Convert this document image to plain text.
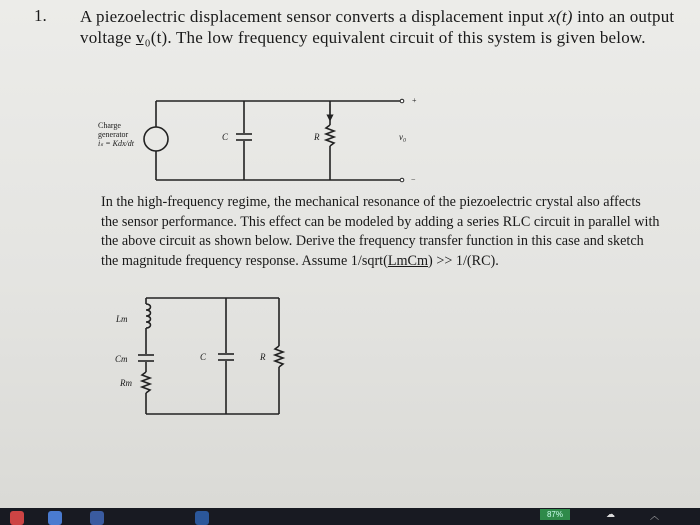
1. A piezoelectric displacement sensor converts a displacement input x(t) into an output voltage v₀(t). The low frequency equivalent circuit of this system is given below.
Charge
generator
iₛ = Kdx/dt
C	R	v₀
+
−
In the high-frequency regime, the mechanical resonance of the piezoelectric crystal also affects the sensor performance. This effect can be modeled by adding a series RLC circuit in parallel with the above circuit as shown below. Derive the frequency transfer function in this case and sketch the magnitude frequency response. Assume 1/sqrt(LmCm) >> 1/(RC).
Lm
Cm
Rm
C	R
87%	☁	︿
